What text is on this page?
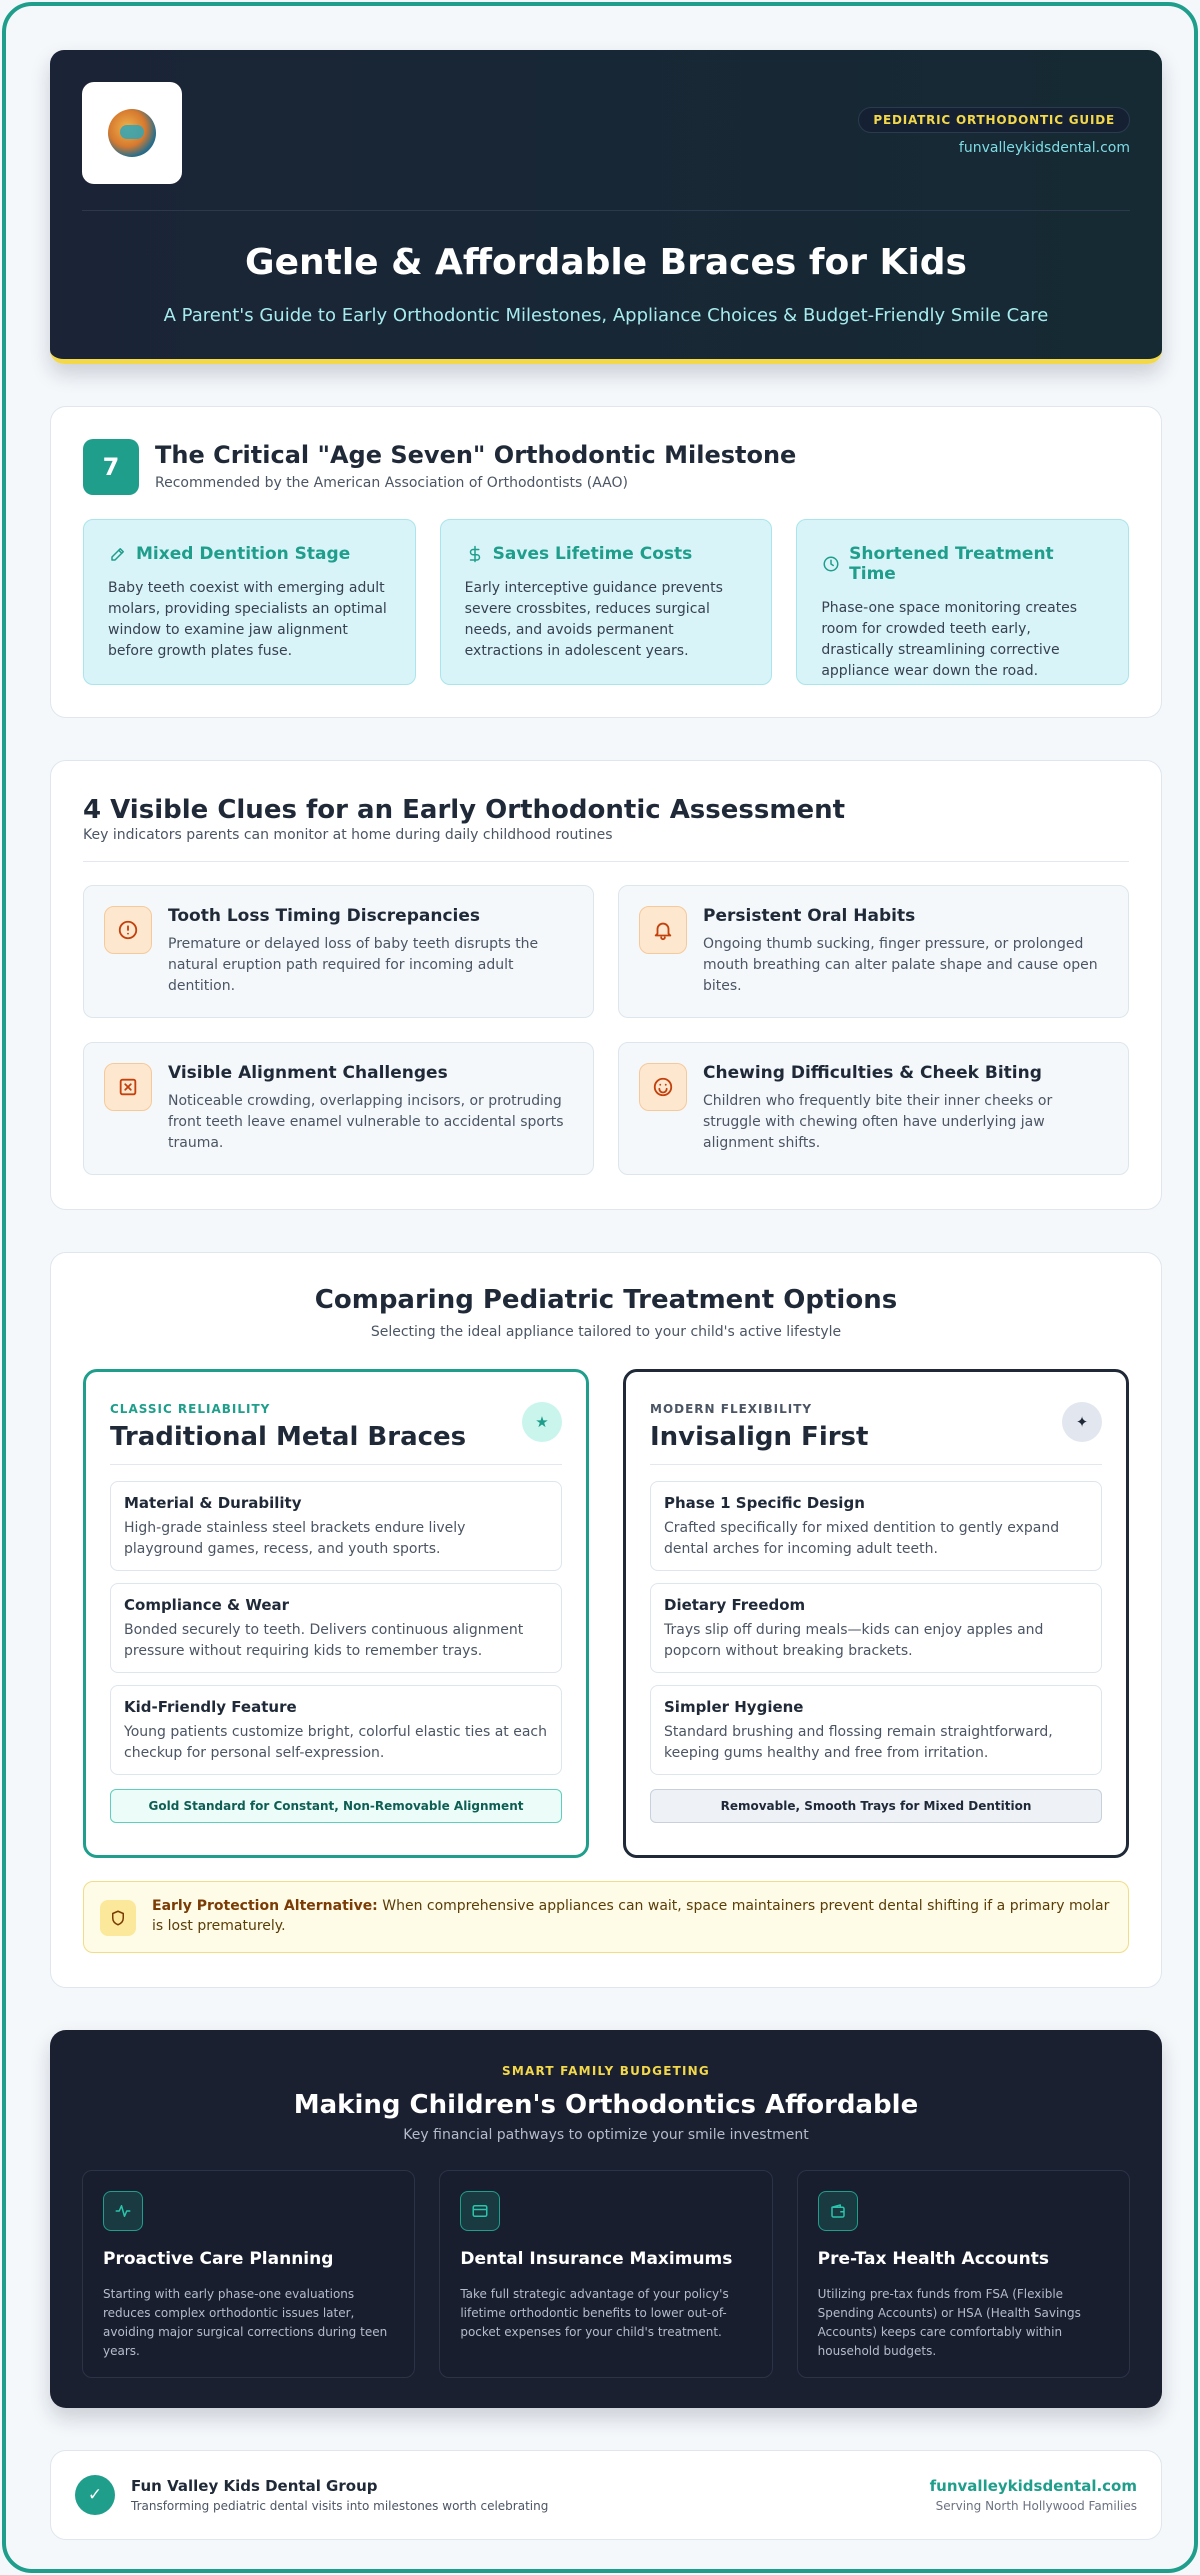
PEDIATRIC ORTHODONTIC GUIDE
funvalleykidsdental.com
Gentle & Affordable Braces for Kids
A Parent's Guide to Early Orthodontic Milestones, Appliance Choices & Budget-Friendly Smile Care
7	The Critical "Age Seven" Orthodontic Milestone
Recommended by the American Association of Orthodontists (AAO)
Mixed Dentition Stage

Baby teeth coexist with emerging adult molars, providing specialists an optimal window to examine jaw alignment before growth plates fuse.

Saves Lifetime Costs

Early interceptive guidance prevents severe crossbites, reduces surgical needs, and avoids permanent extractions in adolescent years.

Shortened Treatment Time

Phase-one space monitoring creates room for crowded teeth early, drastically streamlining corrective appliance wear down the road.

4 Visible Clues for an Early Orthodontic Assessment
Key indicators parents can monitor at home during daily childhood routines
Tooth Loss Timing Discrepancies

Premature or delayed loss of baby teeth disrupts the natural eruption path required for incoming adult dentition.

Persistent Oral Habits

Ongoing thumb sucking, finger pressure, or prolonged mouth breathing can alter palate shape and cause open bites.

Visible Alignment Challenges

Noticeable crowding, overlapping incisors, or protruding front teeth leave enamel vulnerable to accidental sports trauma.

Chewing Difficulties & Cheek Biting

Children who frequently bite their inner cheeks or struggle with chewing often have underlying jaw alignment shifts.

Comparing Pediatric Treatment Options
Selecting the ideal appliance tailored to your child's active lifestyle
CLASSIC RELIABILITY
Traditional Metal Braces	★
Material & Durability

High-grade stainless steel brackets endure lively playground games, recess, and youth sports.

Compliance & Wear

Bonded securely to teeth. Delivers continuous alignment pressure without requiring kids to remember trays.

Kid-Friendly Feature

Young patients customize bright, colorful elastic ties at each checkup for personal self-expression.

Gold Standard for Constant, Non-Removable Alignment
MODERN FLEXIBILITY
Invisalign First	✦
Phase 1 Specific Design

Crafted specifically for mixed dentition to gently expand dental arches for incoming adult teeth.

Dietary Freedom

Trays slip off during meals—kids can enjoy apples and popcorn without breaking brackets.

Simpler Hygiene

Standard brushing and flossing remain straightforward, keeping gums healthy and free from irritation.

Removable, Smooth Trays for Mixed Dentition
Early Protection Alternative: When comprehensive appliances can wait, space maintainers prevent dental shifting if a primary molar is lost prematurely.
SMART FAMILY BUDGETING
Making Children's Orthodontics Affordable
Key financial pathways to optimize your smile investment
Proactive Care Planning

Starting with early phase-one evaluations reduces complex orthodontic issues later, avoiding major surgical corrections during teen years.

Dental Insurance Maximums

Take full strategic advantage of your policy's lifetime orthodontic benefits to lower out-of-pocket expenses for your child's treatment.

Pre-Tax Health Accounts

Utilizing pre-tax funds from FSA (Flexible Spending Accounts) or HSA (Health Savings Accounts) keeps care comfortably within household budgets.

✓	Fun Valley Kids Dental Group
Transforming pediatric dental visits into milestones worth celebrating
funvalleykidsdental.com
Serving North Hollywood Families
